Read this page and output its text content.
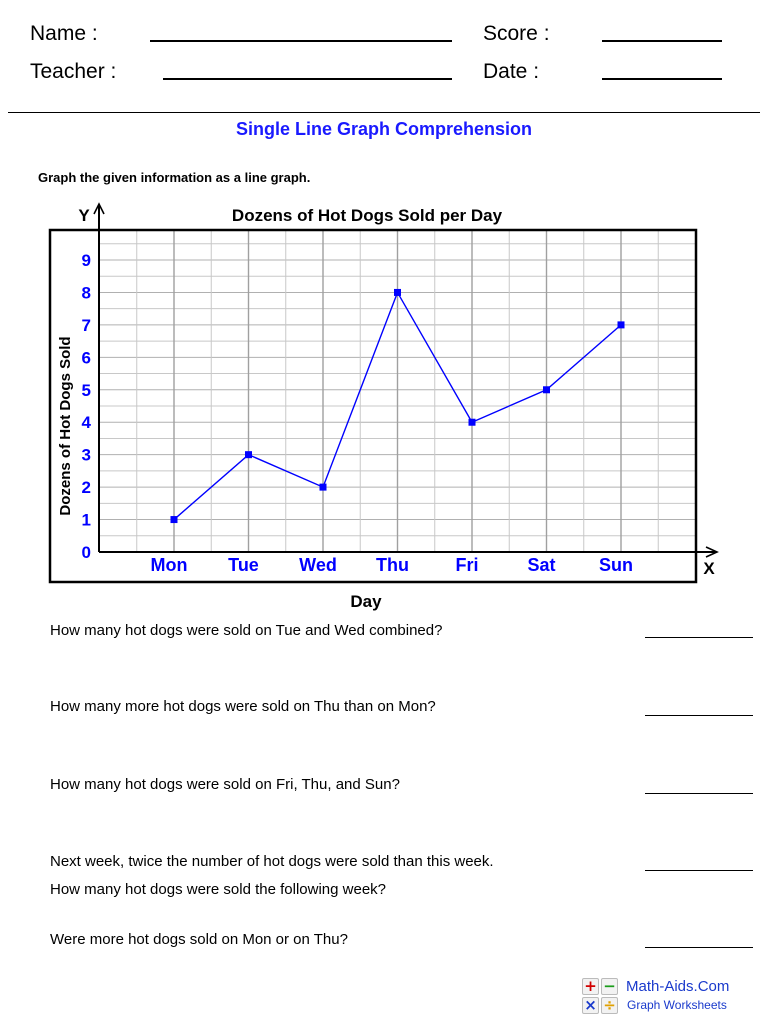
Name :	Score :
Teacher :	Date :
Single Line Graph Comprehension
Graph the given information as a line graph.
Dozens of Hot Dogs Sold per Day
0
1
2
3
4
5
6
7
8
9
Mon Tue Wed Thu	Fri	Sat Sun
Y
X
Day
Dozens of Hot Dogs Sold
How many hot dogs were sold on Tue and Wed combined?
How many more hot dogs were sold on Thu than on Mon?
How many hot dogs were sold on Fri, Thu, and Sun?
Next week, twice the number of hot dogs were sold than this week.
How many hot dogs were sold the following week?
Were more hot dogs sold on Mon or on Thu?
+ −
× ÷
Math-Aids.Com
Graph Worksheets
